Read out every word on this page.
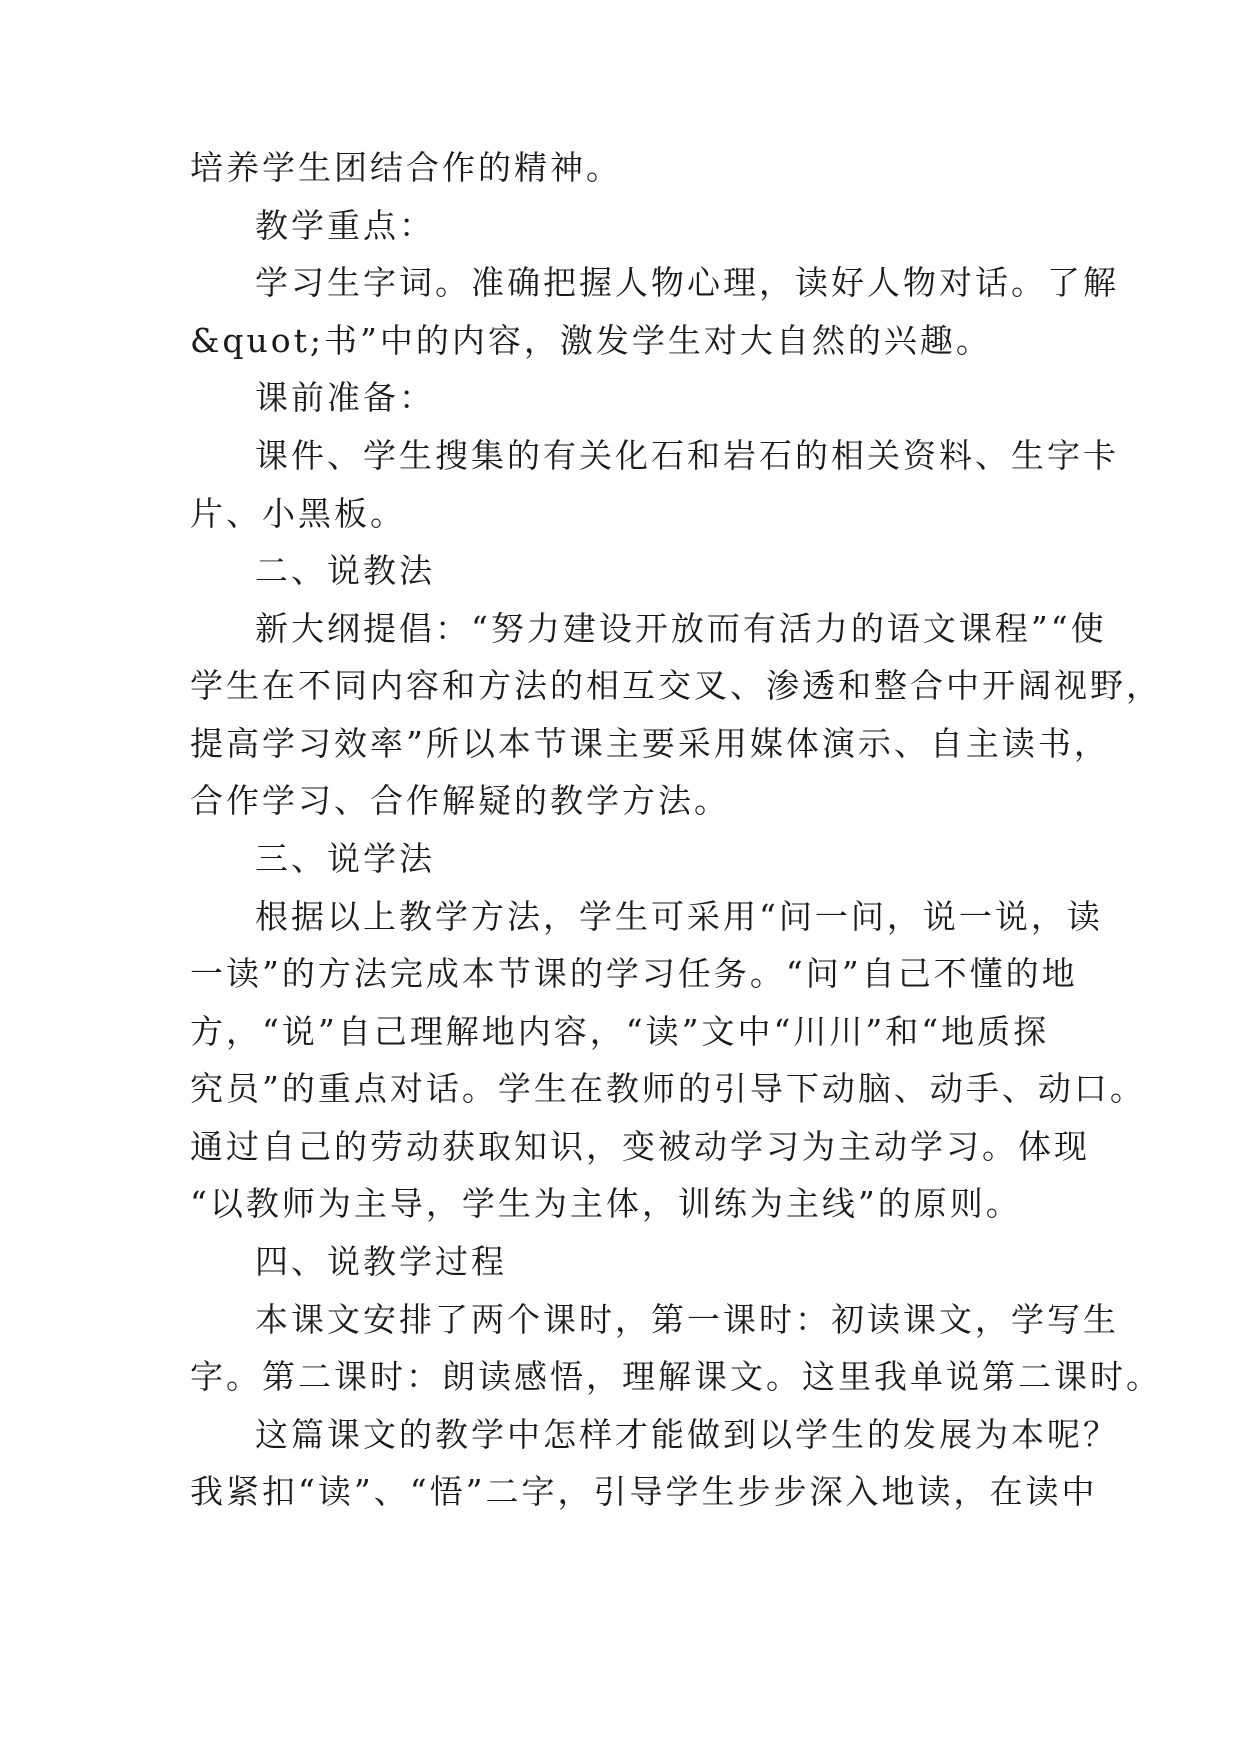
培养学生团结合作的精神。
教学重点：
学习生字词。准确把握人物心理，读好人物对话。了解
&quot;书”中的内容，激发学生对大自然的兴趣。
课前准备：
课件、学生搜集的有关化石和岩石的相关资料、生字卡
片、小黑板。
二、说教法
新大纲提倡：“努力建设开放而有活力的语文课程”“使
学生在不同内容和方法的相互交叉、渗透和整合中开阔视野，
提高学习效率”所以本节课主要采用媒体演示、自主读书，
合作学习、合作解疑的教学方法。
三、说学法
根据以上教学方法，学生可采用“问一问，说一说，读
一读”的方法完成本节课的学习任务。“问”自己不懂的地
方，“说”自己理解地内容，“读”文中“川川”和“地质探
究员”的重点对话。学生在教师的引导下动脑、动手、动口。
通过自己的劳动获取知识，变被动学习为主动学习。体现
“以教师为主导，学生为主体，训练为主线”的原则。
四、说教学过程
本课文安排了两个课时，第一课时：初读课文，学写生
字。第二课时：朗读感悟，理解课文。这里我单说第二课时。
这篇课文的教学中怎样才能做到以学生的发展为本呢？
我紧扣“读”、“悟”二字，引导学生步步深入地读，在读中
